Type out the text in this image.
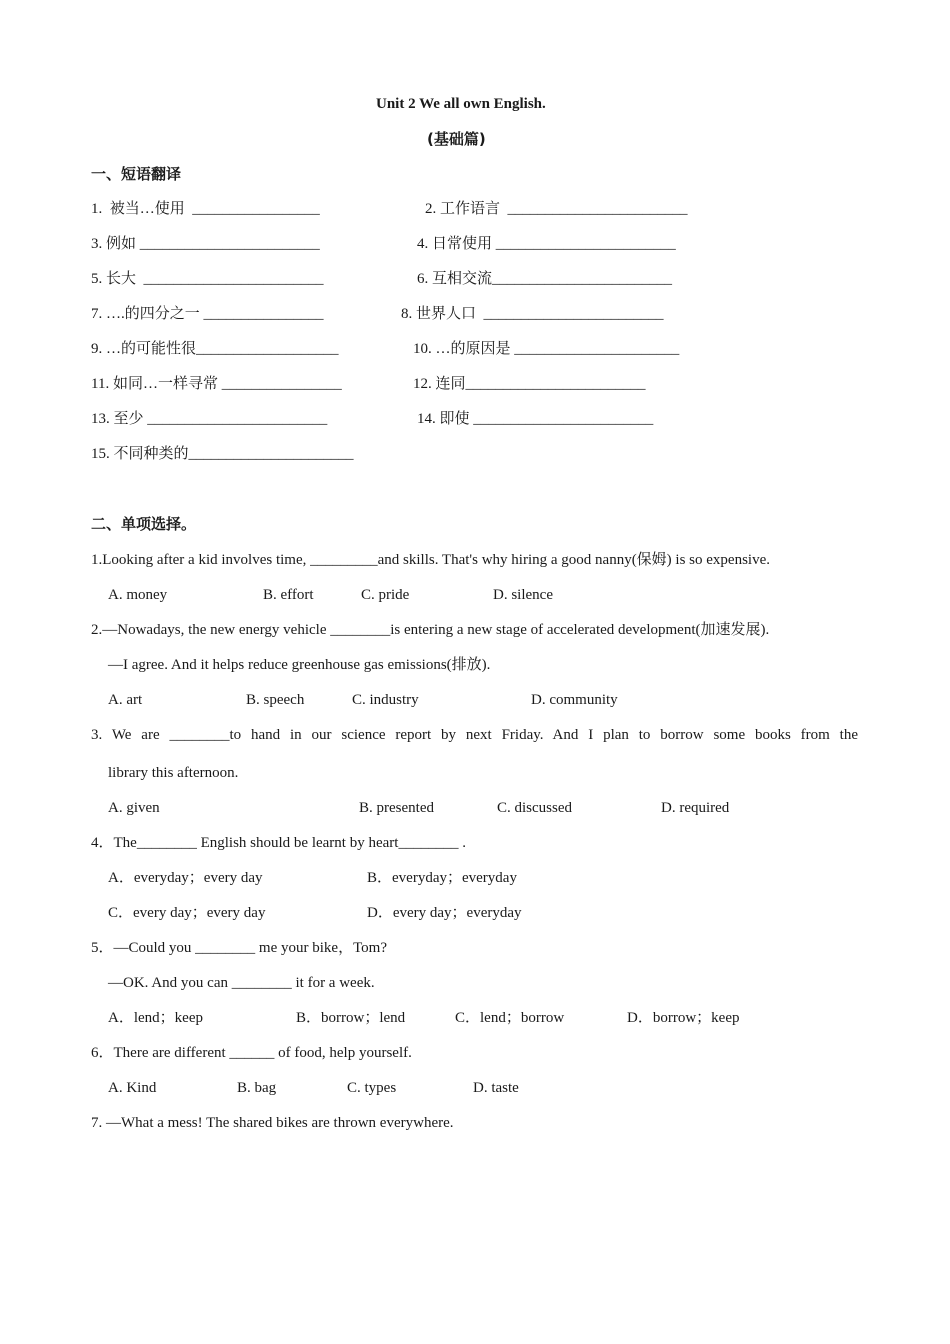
Unit 2 We all own English.
(基础篇)
一、短语翻译
1.  被当…使用  _________________	2. 工作语言  ________________________
3. 例如 ________________________	4. 日常使用 ________________________
5. 长大  ________________________	6. 互相交流________________________
7. ….的四分之一 ________________	8. 世界人口  ________________________
9. …的可能性很___________________	10. …的原因是 ______________________
11. 如同…一样寻常 ________________	12. 连同________________________
13. 至少 ________________________	14. 即使 ________________________
15. 不同种类的______________________
二、单项选择。
1.Looking after a kid involves time, _________and skills. That's why hiring a good nanny(保姆) is so expensive.
A. money	B. effort	C. pride	D. silence
2.—Nowadays, the new energy vehicle ________is entering a new stage of accelerated development(加速发展).
—I agree. And it helps reduce greenhouse gas emissions(排放).
A. art	B. speech	C. industry	D. community
3. We are ________to hand in our science report by next Friday. And I plan to borrow some books from the
library this afternoon.
A. given	B. presented	C. discussed	D. required
4．The________ English should be learnt by heart________ .
A．everyday；every day	B．everyday；everyday
C．every day；every day	D．every day；everyday
5．—Could you ________ me your bike，Tom?
—OK. And you can ________ it for a week.
A．lend；keep	B．borrow；lend	C．lend；borrow	D．borrow；keep
6．There are different ______ of food, help yourself.
A. Kind	B. bag	C. types	D. taste
7. —What a mess! The shared bikes are thrown everywhere.
